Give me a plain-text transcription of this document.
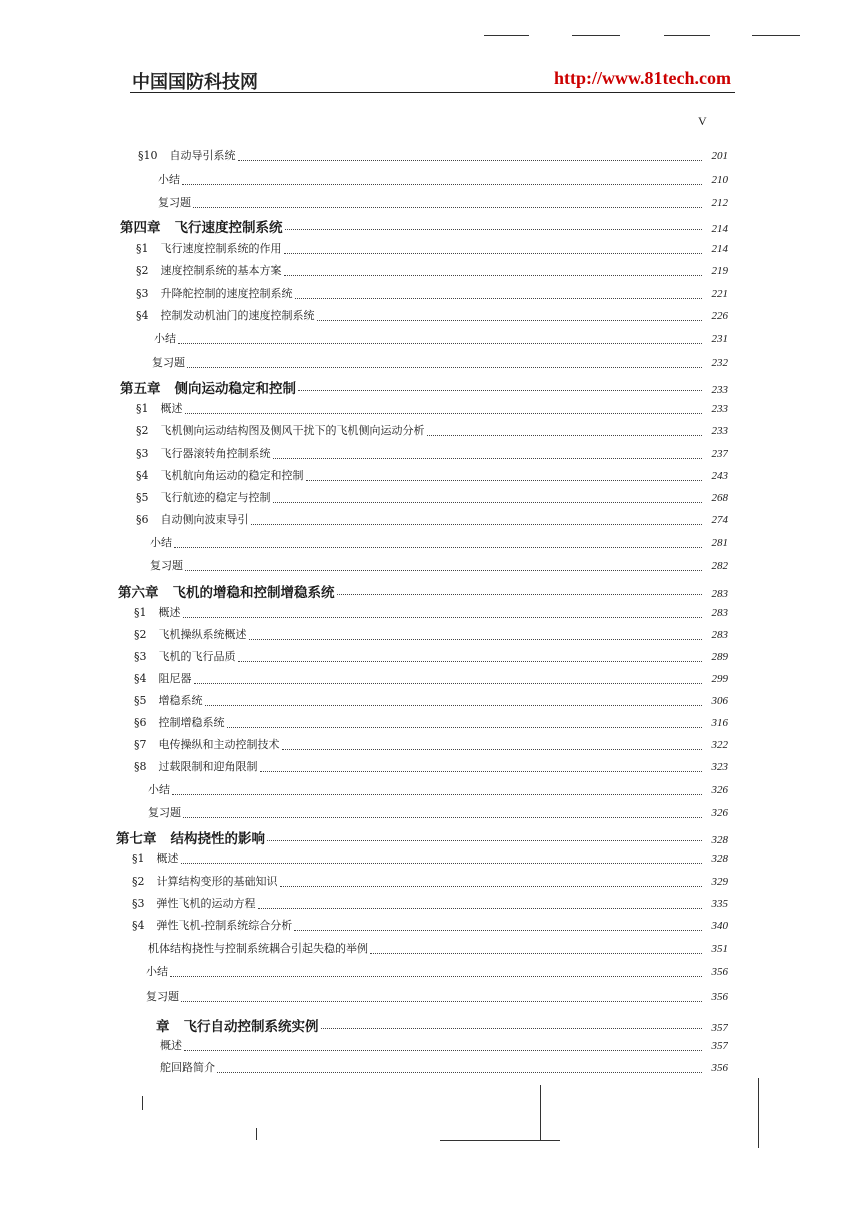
中国国防科技网	http://www.81tech.com
V
§10 自动导引系统	201
小结	210
复习题	212
第四章 飞行速度控制系统	214
§1 飞行速度控制系统的作用	214
§2 速度控制系统的基本方案	219
§3 升降舵控制的速度控制系统	221
§4 控制发动机油门的速度控制系统	226
小结	231
复习题	232
第五章 侧向运动稳定和控制	233
§1 概述	233
§2 飞机侧向运动结构图及侧风干扰下的飞机侧向运动分析	233
§3 飞行器滚转角控制系统	237
§4 飞机航向角运动的稳定和控制	243
§5 飞行航迹的稳定与控制	268
§6 自动侧向波束导引	274
小结	281
复习题	282
第六章 飞机的增稳和控制增稳系统	283
§1 概述	283
§2 飞机操纵系统概述	283
§3 飞机的飞行品质	289
§4 阻尼器	299
§5 增稳系统	306
§6 控制增稳系统	316
§7 电传操纵和主动控制技术	322
§8 过载限制和迎角限制	323
小结	326
复习题	326
第七章 结构挠性的影响	328
§1 概述	328
§2 计算结构变形的基础知识	329
§3 弹性飞机的运动方程	335
§4 弹性飞机-控制系统综合分析	340
机体结构挠性与控制系统耦合引起失稳的举例	351
小结	356
复习题	356
章 飞行自动控制系统实例	357
概述	357
舵回路简介	356
